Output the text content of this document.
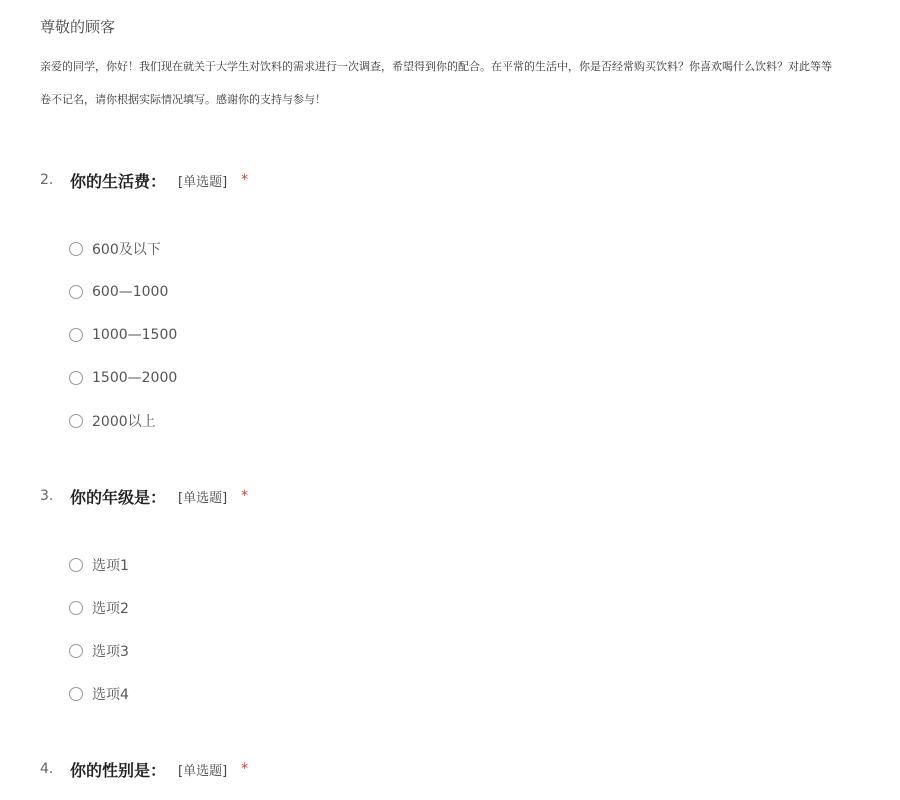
尊敬的顾客
亲爱的同学，你好！我们现在就关于大学生对饮料的需求进行一次调查，希望得到你的配合。在平常的生活中，你是否经常购买饮料？你喜欢喝什么饮料？对此等等
卷不记名，请你根据实际情况填写。感谢你的支持与参与！
2.	你的生活费： [单选题] *
600及以下
600—1000
1000—1500
1500—2000
2000以上
3.	你的年级是： [单选题] *
选项1
选项2
选项3
选项4
4.	你的性别是： [单选题] *
